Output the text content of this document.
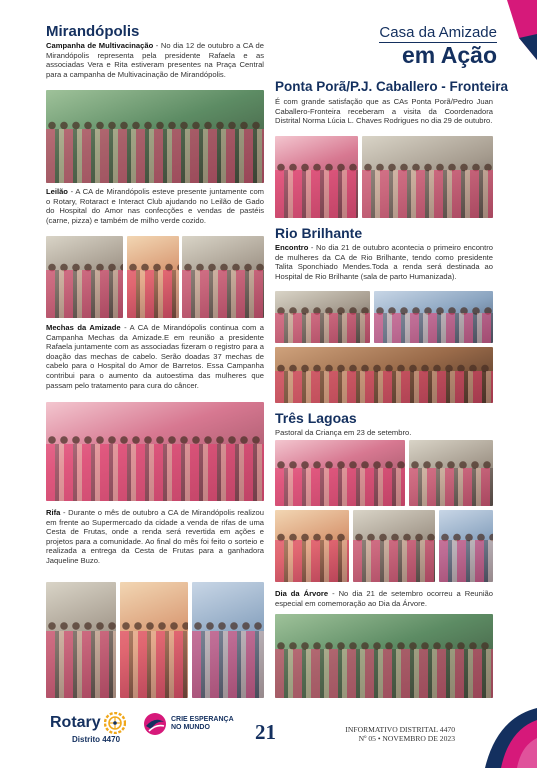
Casa da Amizade
em Ação
Mirandópolis
Campanha de Multivacinação - No dia 12 de outubro a CA de Mirandópolis representa pela presidente Rafaela e as associadas Vera e Rita estiveram presentes na Praça Central para a campanha de Multivacinação de Mirandópolis.
Leilão - A CA de Mirandópolis esteve presente juntamente com o Rotary, Rotaract e Interact Club ajudando no Leilão de Gado do Hospital do Amor nas confecções e vendas de pastéis (carne, pizza) e também de milho verde cozido.
Mechas da Amizade - A CA de Mirandópolis continua com a Campanha Mechas da Amizade.E em reunião a presidente Rafaela juntamente com as associadas fizeram o registro para a doação das mechas de cabelo. Serão doadas 37 mechas de cabelo para o Hospital do Amor de Barretos. Essa Campanha contribui para o aumento da autoestima das mulheres que passam pelo tratamento para cura do câncer.
Rifa - Durante o mês de outubro a CA de Mirandópolis realizou em frente ao Supermercado da cidade a venda de rifas de uma Cesta de Frutas, onde a renda será revertida em ações e projetos para a comunidade. Ao final do mês foi feito o sorteio e realizada a entrega da Cesta de Frutas para a ganhadora Jaqueline Buzo.
Ponta Porã/P.J. Caballero - Fronteira
É com grande satisfação que as CAs Ponta Porã/Pedro Juan Caballero-Fronteira receberam a visita da Coordenadora Distrital Norma Lúcia L. Chaves Rodrigues no dia 29 de outubro.
Rio Brilhante
Encontro - No dia 21 de outubro acontecia o primeiro encontro de mulheres da CA de Rio Brilhante, tendo como presidente Talita Sponchiado Mendes.Toda a renda será destinada ao Hospital de Rio Brilhante (sala de parto Humanizada).
Três Lagoas
Pastoral da Criança em 23 de setembro.
Dia da Árvore - No dia 21 de setembro ocorreu a Reunião especial em comemoração ao Dia da Árvore.
Rotary
Distrito 4470
CRIE ESPERANÇA
NO MUNDO	21	INFORMATIVO DISTRITAL 4470
Nº 05 • NOVEMBRO DE 2023
